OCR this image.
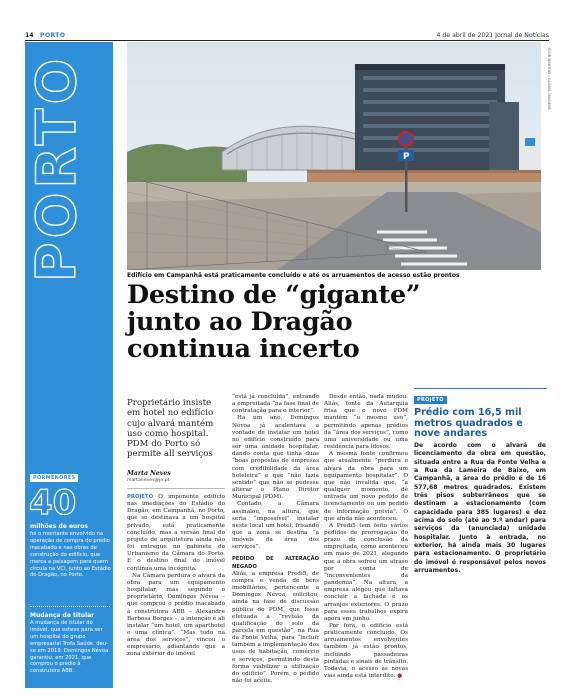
14 PORTO	4 de abril de 2021 Jornal de Notícias
PORTO
PORMENORES
40
milhões de euros
foi o montante envolvido na operação de compra do prédio inacabado e nas obras de construção do edifício, que marca a paisagem para quem circula na VCI, junto ao Estádio do Dragão, no Porto.
Mudança de titular
A mudança de titular do imóvel, que esteve para ser um hospital do grupo empresarial Trofa Saúde, deu-se em 2019. Domingos Névoa garantiu, em 2021, que comprou o prédio à construtora ABB.
P
IGOR MARTINS / GLOBAL IMAGENS
Edifício em Campanhã está praticamente concluído e até os arruamentos de acesso estão prontos
Destino de “gigante”
junto ao Dragão
continua incerto
Proprietário insiste em hotel no edifício cujo alvará mantém uso como hospital. PDM do Porto só permite all serviços
Marta Neves
martaneves@jn.pt

PROJETO O imponente edifício nas imediações do Estádio do Dragão, em Campanhã, no Porto, que se destinava a um hospital privado, está praticamente concluído, mas a versão final do projeto de arquitetura ainda não foi entregue no gabinete do Urbanismo da Câmara do Porto. E o destino final do imóvel continua uma incógnita.

Na Câmara perdura o alvará da obra para um equipamento hospitalar, mas segundo o proprietário, Domingos Névoa – que comprou o prédio inacabado à construtora ABB – Alexandre Barbosa Borges –, a intenção é ali instalar “um hotel, um aparthotel e uma clínica”. “Mas tudo na área dos serviços”, vincou o empresário, adiantando que a zona exterior do imóvel

“está já concluída”, entrando a empreitada “na fase final de contratação para o interior”.

Há um ano, Domingos Névoa já acalentava a vontade de instalar um hotel no edifício construído para ser uma unidade hospitalar, dando conta que tinha duas “boas propostas de empresas com credibilidade da área hoteleira” e que “não fazia sentido” que não se pudesse alterar o Plano Diretor Municipal (PDM).

Contado, a Câmara assinalou, na altura, que seria “impossível” instalar neste local um hotel, frisando que a zona se destina “a imóveis da área dos serviços”.

PEDIDO DE ALTERAÇÃO NEGADO

Aliás, a empresa Predi5, de compra e venda de bens imobiliários, pertencente a Domingos Névoa, solicitou, ainda na fase de discussão pública do PDM, que fosse efetuada a “revisão da qualificação do solo da parcela em questão”, na Rua da Fonte Velha, para “incluir também a implementação dos usos de habitação, comércio e serviços, permitindo desta forma viabilizar a utilização do edifício”. Porém, o pedido não foi aceite.

Desde então, nada mudou. Aliás, fonte da Autarquia frisa que o novo PDM mantém “o mesmo uso”, permitindo apenas prédios da “área dos serviços”, como uma universidade ou uma residência para idosos.

A mesma fonte confirmou que atualmente “perdura o alvará da obra para um equipamento hospitalar”. O que não invalida que, “a qualquer momento, dê entrada um novo pedido de licenciamento ou um pedido de informação prévia”. O que ainda não aconteceu.

A Predi5 tem feito vários pedidos de prorrogação do prazo de conclusão da empreitada, como aconteceu em maio de 2021, alegando que a obra sofreu um atraso por conta de “inconvenientes da pandemia”. Na altura, a empresa alegou que faltava concluir a fachada e os arranjos exteriores. O prazo para esses trabalhos expira agora em junho.

Por fora, o edifício está praticamente concluído. Os arruamentos envolventes também já estão prontos, incluindo passadeiras pintadas e sinais de trânsito. Todavia, o acesso às novas vias ainda está interdito. ●

PROJETO
Prédio com 16,5 mil metros quadrados e nove andares
De acordo com o alvará de licenciamento da obra em questão, situada entre a Rua da Fonte Velha e a Rua da Lameira de Baixo, em Campanhã, a área do prédio é de 16 577,68 metros quadrados. Existem três pisos subterrâneos que se destinam a estacionamento (com capacidade para 385 lugares) e dez acima do solo (até ao 9.º andar) para serviços da (anunciada) unidade hospitalar. Junto à entrada, no exterior, há ainda mais 30 lugares para estacionamento. O proprietário do imóvel é responsável pelos novos arruamentos.
